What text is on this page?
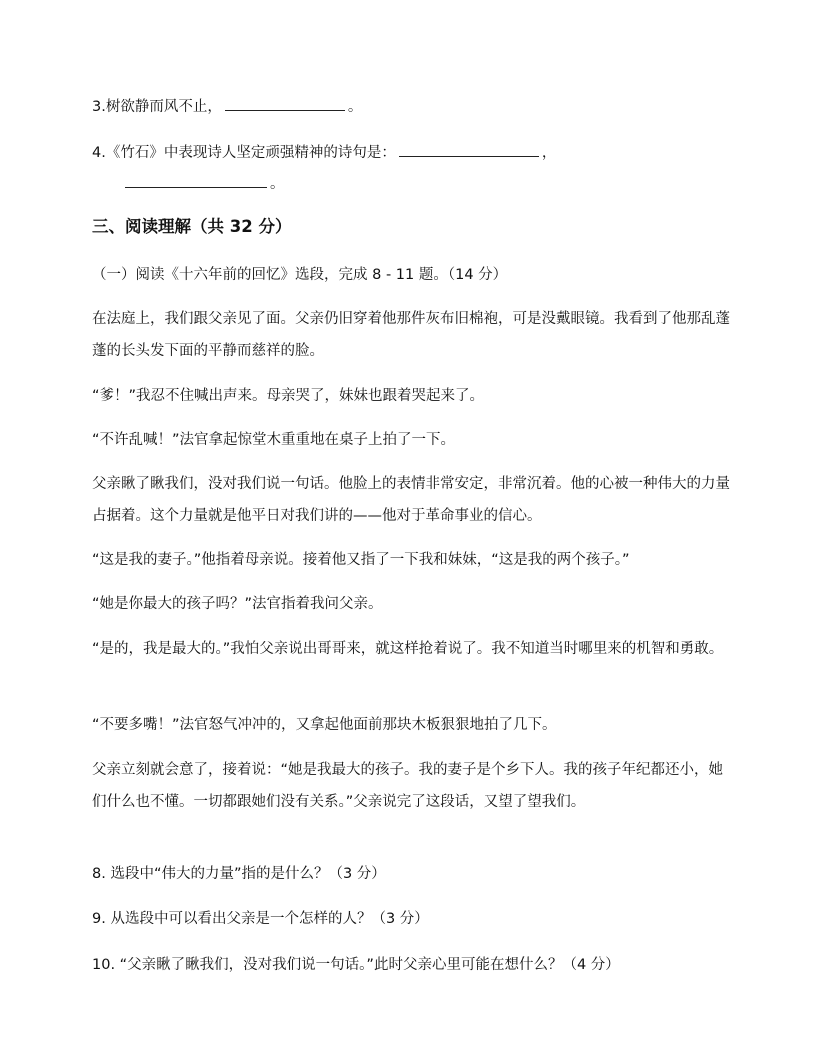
3.树欲静而风不止，	。
4.《竹石》中表现诗人坚定顽强精神的诗句是：	，
。
三、阅读理解（共 32 分）
（一）阅读《十六年前的回忆》选段，完成 8 - 11 题。（14 分）
在法庭上，我们跟父亲见了面。父亲仍旧穿着他那件灰布旧棉袍，可是没戴眼镜。我看到了他那乱蓬蓬的长头发下面的平静而慈祥的脸。
“爹！”我忍不住喊出声来。母亲哭了，妹妹也跟着哭起来了。
“不许乱喊！”法官拿起惊堂木重重地在桌子上拍了一下。
父亲瞅了瞅我们，没对我们说一句话。他脸上的表情非常安定，非常沉着。他的心被一种伟大的力量占据着。这个力量就是他平日对我们讲的——他对于革命事业的信心。
“这是我的妻子。”他指着母亲说。接着他又指了一下我和妹妹，“这是我的两个孩子。”
“她是你最大的孩子吗？”法官指着我问父亲。
“是的，我是最大的。”我怕父亲说出哥哥来，就这样抢着说了。我不知道当时哪里来的机智和勇敢。
“不要多嘴！”法官怒气冲冲的，又拿起他面前那块木板狠狠地拍了几下。
父亲立刻就会意了，接着说：“她是我最大的孩子。我的妻子是个乡下人。我的孩子年纪都还小，她们什么也不懂。一切都跟她们没有关系。”父亲说完了这段话，又望了望我们。
8. 选段中“伟大的力量”指的是什么？（3 分）
9. 从选段中可以看出父亲是一个怎样的人？（3 分）
10. “父亲瞅了瞅我们，没对我们说一句话。”此时父亲心里可能在想什么？（4 分）
